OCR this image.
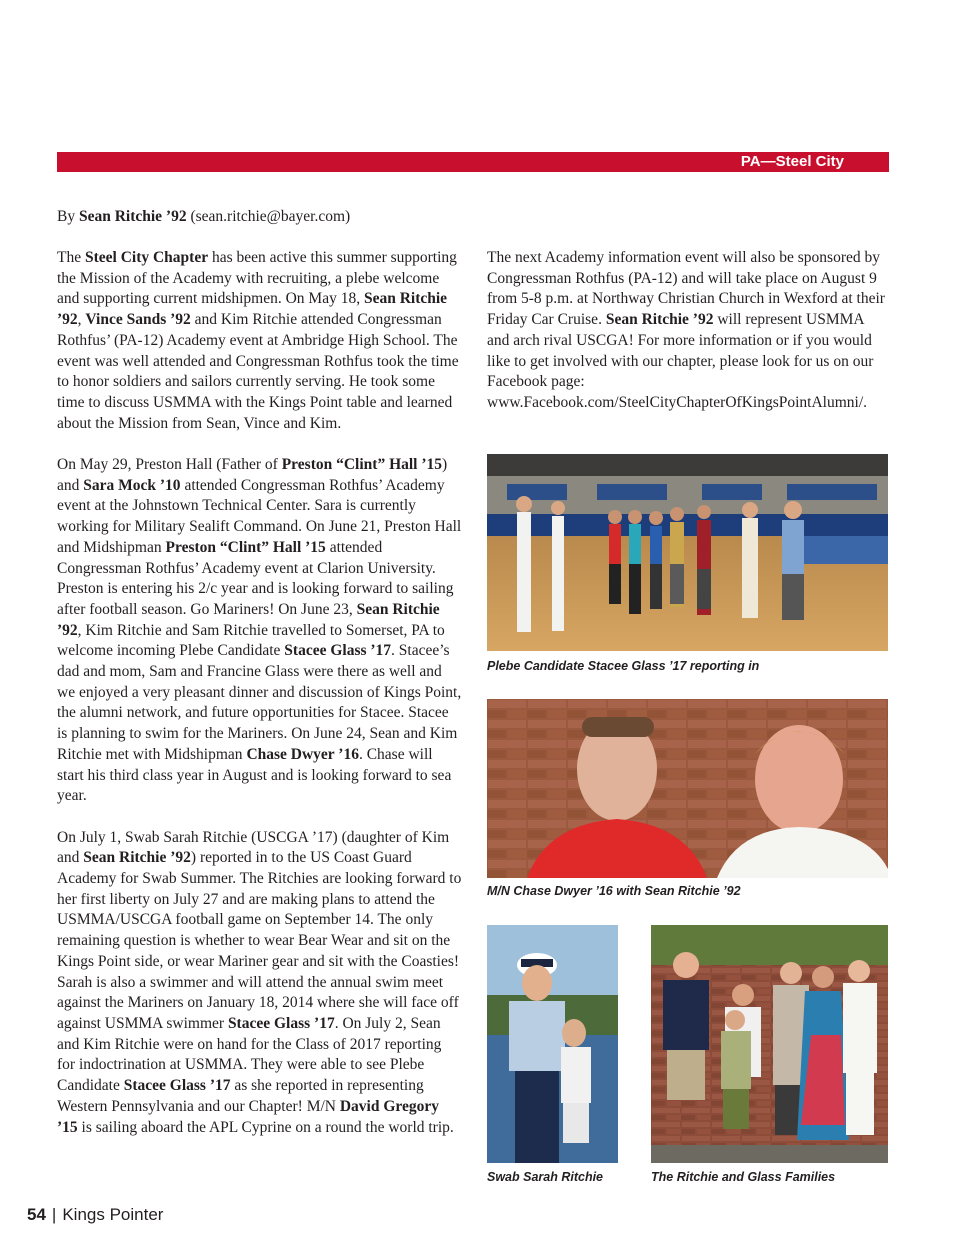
PA—Steel City
By Sean Ritchie ’92 (sean.ritchie@bayer.com)

The Steel City Chapter has been active this summer supporting the Mission of the Academy with recruiting, a plebe welcome and supporting current midshipmen. On May 18, Sean Ritchie ’92, Vince Sands ’92 and Kim Ritchie attended Congressman Rothfus’ (PA-12) Academy event at Ambridge High School. The event was well attended and Congressman Rothfus took the time to honor soldiers and sailors currently serving. He took some time to discuss USMMA with the Kings Point table and learned about the Mission from Sean, Vince and Kim.

On May 29, Preston Hall (Father of Preston “Clint” Hall ’15) and Sara Mock ’10 attended Congressman Rothfus’ Academy event at the Johnstown Technical Center. Sara is currently working for Military Sealift Command. On June 21, Preston Hall and Midshipman Preston “Clint” Hall ’15 attended Congressman Rothfus’ Academy event at Clarion University. Preston is entering his 2/c year and is looking forward to sailing after football season. Go Mariners! On June 23, Sean Ritchie ’92, Kim Ritchie and Sam Ritchie travelled to Somerset, PA to welcome incoming Plebe Candidate Stacee Glass ’17. Stacee’s dad and mom, Sam and Francine Glass were there as well and we enjoyed a very pleasant dinner and discussion of Kings Point, the alumni network, and future opportunities for Stacee. Stacee is planning to swim for the Mariners. On June 24, Sean and Kim Ritchie met with Midshipman Chase Dwyer ’16. Chase will start his third class year in August and is looking forward to sea year.

On July 1, Swab Sarah Ritchie (USCGA ’17) (daughter of Kim and Sean Ritchie ’92) reported in to the US Coast Guard Academy for Swab Summer. The Ritchies are looking forward to her first liberty on July 27 and are making plans to attend the USMMA/USCGA football game on September 14. The only remaining question is whether to wear Bear Wear and sit on the Kings Point side, or wear Mariner gear and sit with the Coasties! Sarah is also a swimmer and will attend the annual swim meet against the Mariners on January 18, 2014 where she will face off against USMMA swimmer Stacee Glass ’17. On July 2, Sean and Kim Ritchie were on hand for the Class of 2017 reporting for indoctrination at USMMA. They were able to see Plebe Candidate Stacee Glass ’17 as she reported in representing Western Pennsylvania and our Chapter! M/N David Gregory ’15 is sailing aboard the APL Cyprine on a round the world trip.

The next Academy information event will also be sponsored by Congressman Rothfus (PA-12) and will take place on August 9 from 5-8 p.m. at Northway Christian Church in Wexford at their Friday Car Cruise. Sean Ritchie ’92 will represent USMMA and arch rival USCGA! For more information or if you would like to get involved with our chapter, please look for us on our Facebook page: www.Facebook.com/SteelCityChapterOfKingsPointAlumni/.

Plebe Candidate Stacee Glass ’17 reporting in
M/N Chase Dwyer ’16 with Sean Ritchie ’92
Swab Sarah Ritchie	The Ritchie and Glass Families
54 | Kings Pointer
